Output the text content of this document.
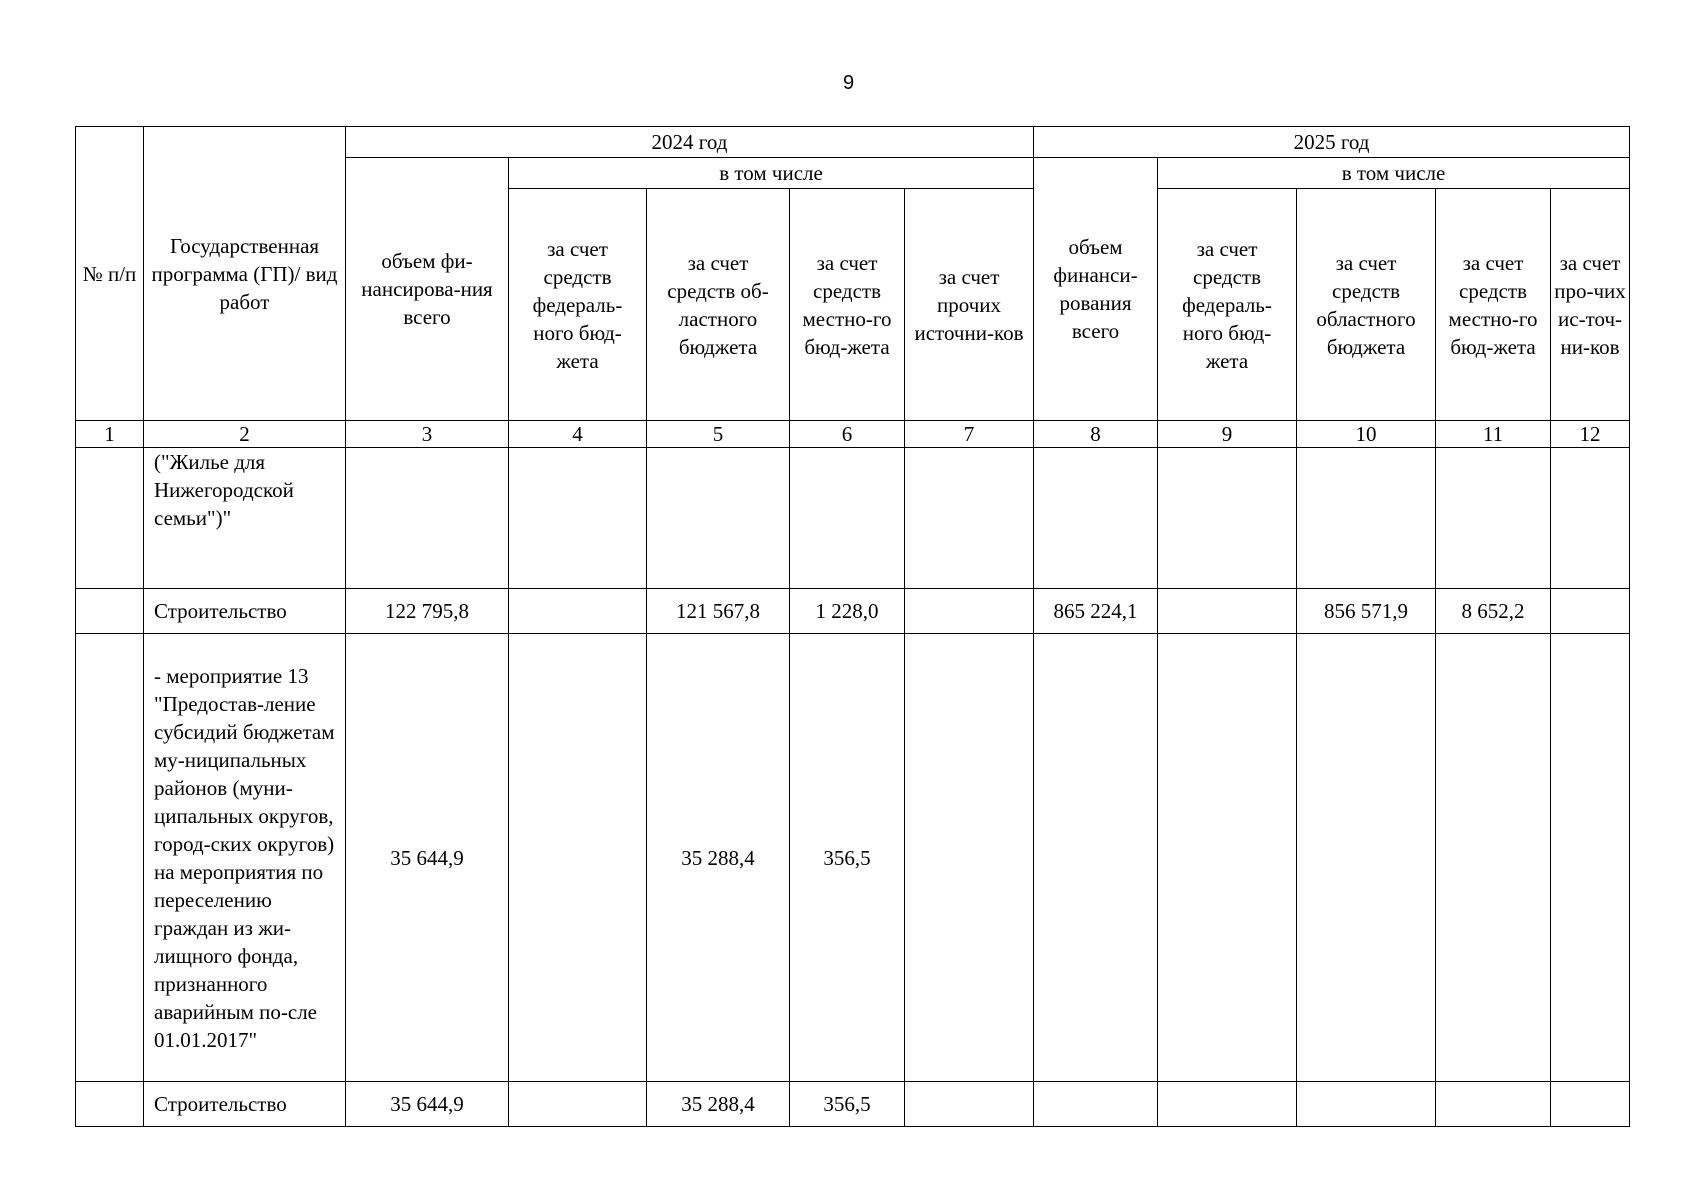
9
№ п/п	Государственная программа (ГП)/ вид работ	2024 год					2025 год				
		объем фи-нансирова-ния всего	в том числе				объем финанси-рования всего	в том числе			
			за счет средств федераль-ного бюд-жета	за счет средств об-ластного бюджета	за счет средств местно-го бюд-жета	за счет прочих источни-ков		за счет средств федераль-ного бюд-жета	за счет средств областного бюджета	за счет средств местно-го бюд-жета	за счет про-чих ис-точ-ни-ков
1	2	3	4	5	6	7	8	9	10	11	12
	("Жилье для Нижегородской семьи")"										
	Строительство	122 795,8		121 567,8	1 228,0		865 224,1		856 571,9	8 652,2	
	- мероприятие 13 "Предостав-ление субсидий бюджетам му-ниципальных районов (муни-ципальных округов, город-ских округов) на мероприятия по переселению граждан из жи-лищного фонда, признанного аварийным по-сле 01.01.2017"	35 644,9		35 288,4	356,5						
	Строительство	35 644,9		35 288,4	356,5						
